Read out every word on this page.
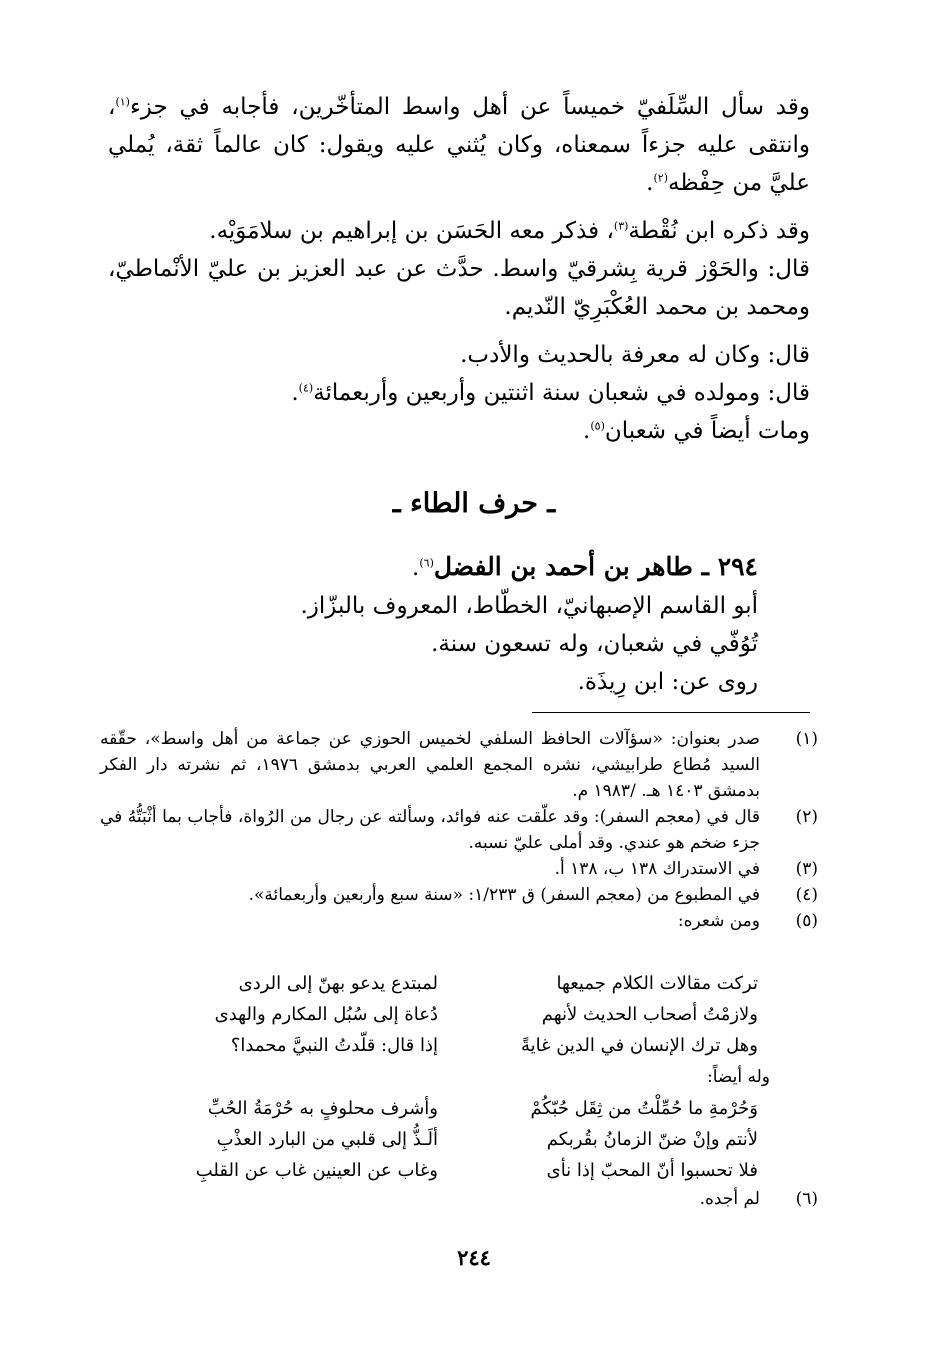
وقد سأل السِّلَفيّ خميساً عن أهل واسط المتأخّرين، فأجابه في جزء$^{(١)}$، وانتقى عليه جزءاً سمعناه، وكان يُثني عليه ويقول: كان عالماً ثقة، يُملي عليَّ من حِفْظه$^{(٢)}$.

وقد ذكره ابن نُقْطة$^{(٣)}$، فذكر معه الحَسَن بن إبراهيم بن سلامَوَيْه.

قال: والحَوْز قرية بِشرقيّ واسط. حدَّث عن عبد العزيز بن عليّ الأنْماطيّ، ومحمد بن محمد العُكْبَرِيّ النّديم.

قال: وكان له معرفة بالحديث والأدب.

قال: ومولده في شعبان سنة اثنتين وأربعين وأربعمائة$^{(٤)}$.

ومات أيضاً في شعبان$^{(٥)}$.

ـ حرف الطاء ـ
٢٩٤ ـ طاهر بن أحمد بن الفضل$^{(٦)}$.
أبو القاسم الإصبهانيّ، الخطّاط، المعروف بالبزّاز.
تُوُفّي في شعبان، وله تسعون سنة.
روى عن: ابن رِيذَة.
(١)
صدر بعنوان: «سؤآلات الحافظ السلفي لخميس الحوزي عن جماعة من أهل واسط»، حقّقه السيد مُطاع طرابيشي، نشره المجمع العلمي العربي بدمشق ١٩٧٦، ثم نشرته دار الفكر بدمشق ١٤٠٣ هـ. /١٩٨٣ م.
(٢)
قال في (معجم السفر): وقد علّقت عنه فوائد، وسألته عن رجال من الرُواة، فأجاب بما أثْبَتُّهُ في جزء ضخم هو عندي. وقد أملى عليّ نسبه.
(٣)
في الاستدراك ١٣٨ ب، ١٣٨ أ.
(٤)
في المطبوع من (معجم السفر) ق ١/٢٣٣: «سنة سبع وأربعين وأربعمائة».
(٥)
ومن شعره:
تركت مقالات الكلام جميعها
ولازمْتُ أصحاب الحديث لأنهم
وهل ترك الإنسان في الدين غايةً
لمبتدع يدعو بهنّ إلى الردى
دُعاة إلى سُبُل المكارم والهدى
إذا قال: قلّدتُ النبيَّ محمدا؟
وله أيضاً:
وَحُرْمةِ ما حُمِّلْتُ من ثِقَل حُبّكُمْ
لأنتم وإنْ ضنّ الزمانُ بقُربكم
فلا تحسبوا أنّ المحبّ إذا نأى
وأشرف محلوفٍ به حُرْمَةُ الحُبِّ
ألَـذُّ إلى قلبي من البارد العذْبِ
وغاب عن العينين غاب عن القلبِ
(٦)
لم أجده.
٢٤٤
